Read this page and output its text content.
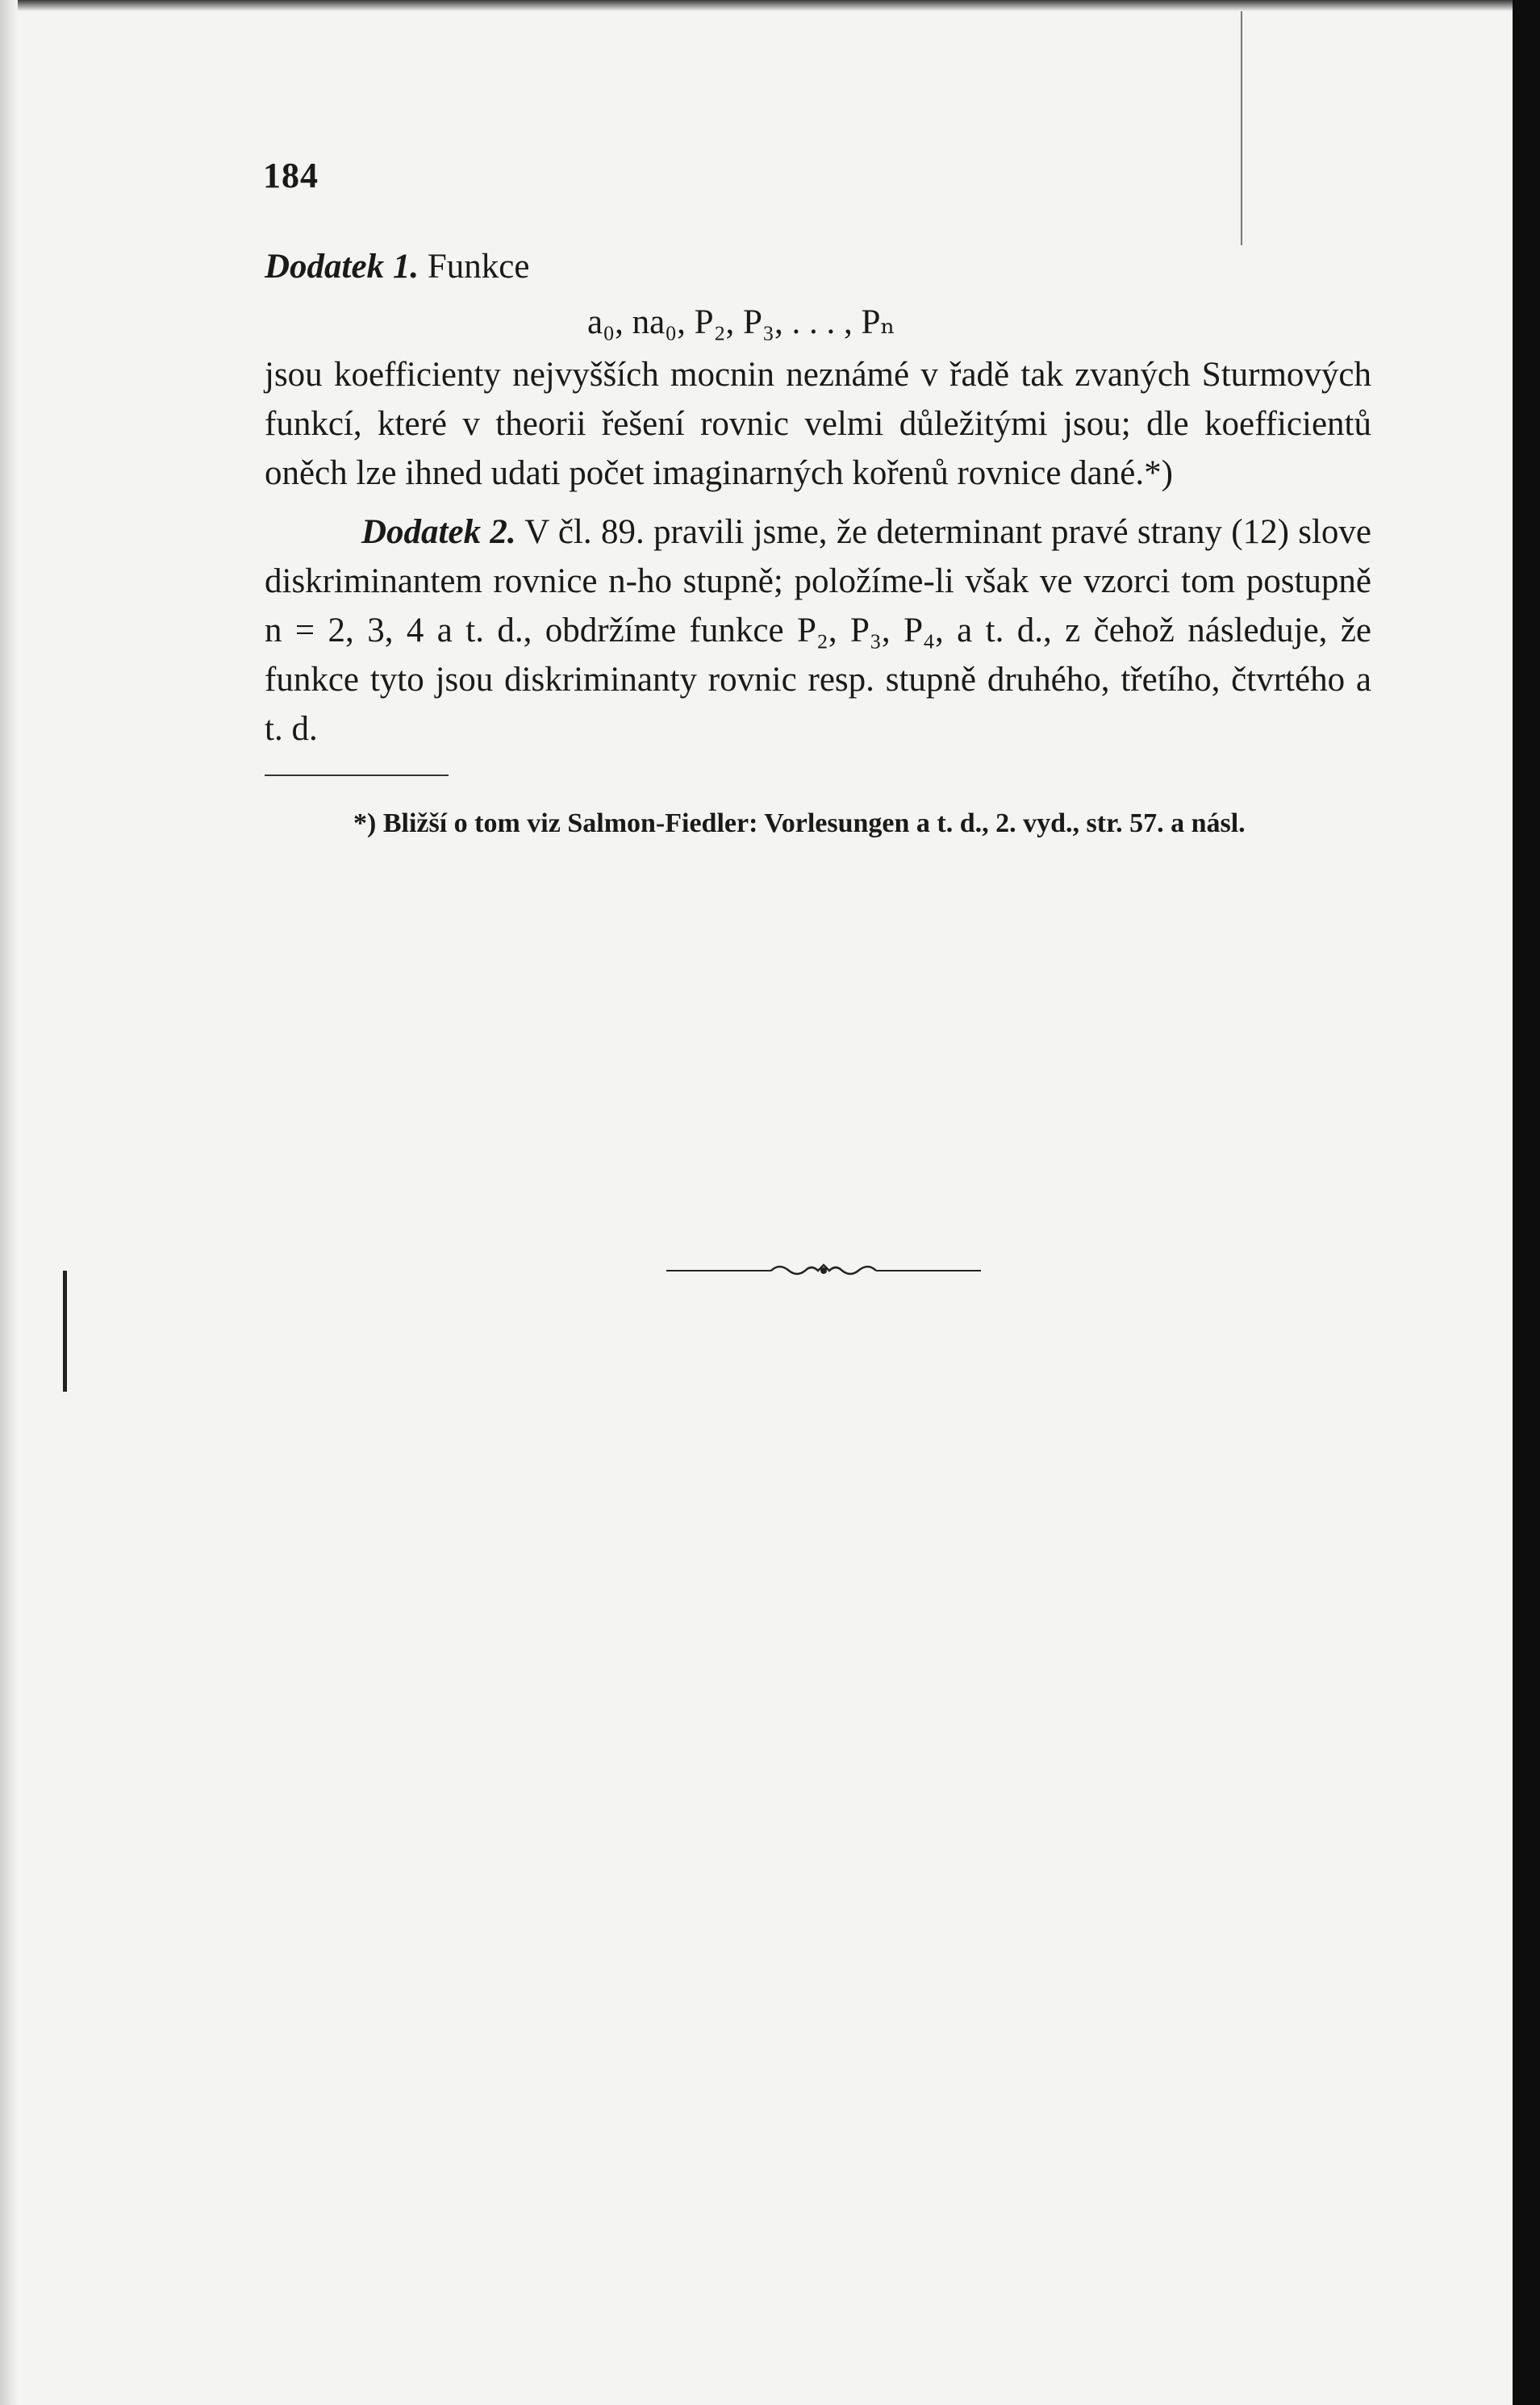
184

Dodatek 1. Funkce

a₀, na₀, P₂, P₃, . . . , Pₙ

jsou koefficienty nejvyšších mocnin neznámé v řadě tak zvaných Sturmových funkcí, které v theorii řešení rovnic velmi důležitými jsou; dle koefficientů oněch lze ihned udati počet imaginarných kořenů rovnice dané.*)

Dodatek 2. V čl. 89. pravili jsme, že determinant pravé strany (12) slove diskriminantem rovnice n-ho stupně; položíme-li však ve vzorci tom postupně n = 2, 3, 4 a t. d., obdržíme funkce P₂, P₃, P₄, a t. d., z čehož následuje, že funkce tyto jsou diskriminanty rovnic resp. stupně druhého, třetího, čtvrtého a t. d.

*) Bližší o tom viz Salmon-Fiedler: Vorlesungen a t. d., 2. vyd., str. 57. a násl.
